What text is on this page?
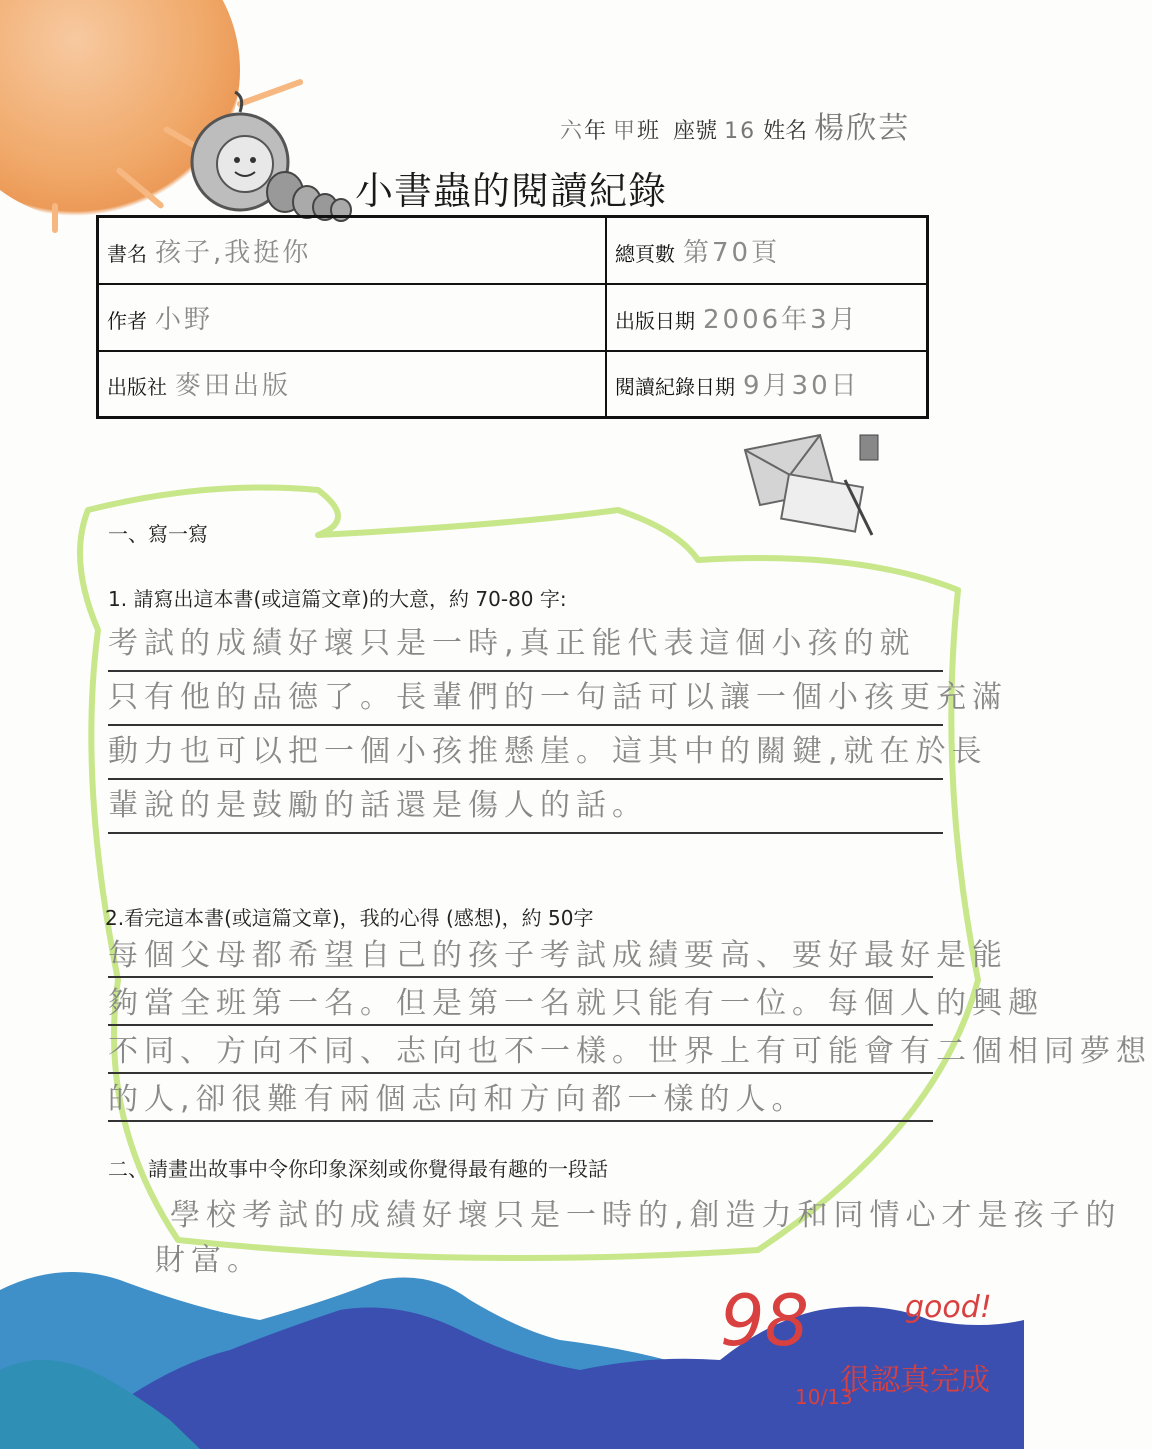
六年 甲班 座號 16 姓名 楊欣芸
小書蟲的閱讀紀錄
書名 孩子,我挺你	總頁數 第70頁
作者 小野	出版日期 2006年3月
出版社 麥田出版	閱讀紀錄日期 9月30日
一、寫一寫
1. 請寫出這本書(或這篇文章)的大意，約 70-80 字:
考試的成績好壞只是一時,真正能代表這個小孩的就
只有他的品德了。長輩們的一句話可以讓一個小孩更充滿
動力也可以把一個小孩推懸崖。這其中的關鍵,就在於長
輩說的是鼓勵的話還是傷人的話。
2.看完這本書(或這篇文章)，我的心得 (感想)，約 50字
每個父母都希望自己的孩子考試成績要高、要好最好是能
夠當全班第一名。但是第一名就只能有一位。每個人的興趣
不同、方向不同、志向也不一樣。世界上有可能會有二個相同夢想
的人,卻很難有兩個志向和方向都一樣的人。
二、請畫出故事中令你印象深刻或你覺得最有趣的一段話
學校考試的成績好壞只是一時的,創造力和同情心才是孩子的
財富。
98	good!
10/13
很認真完成
